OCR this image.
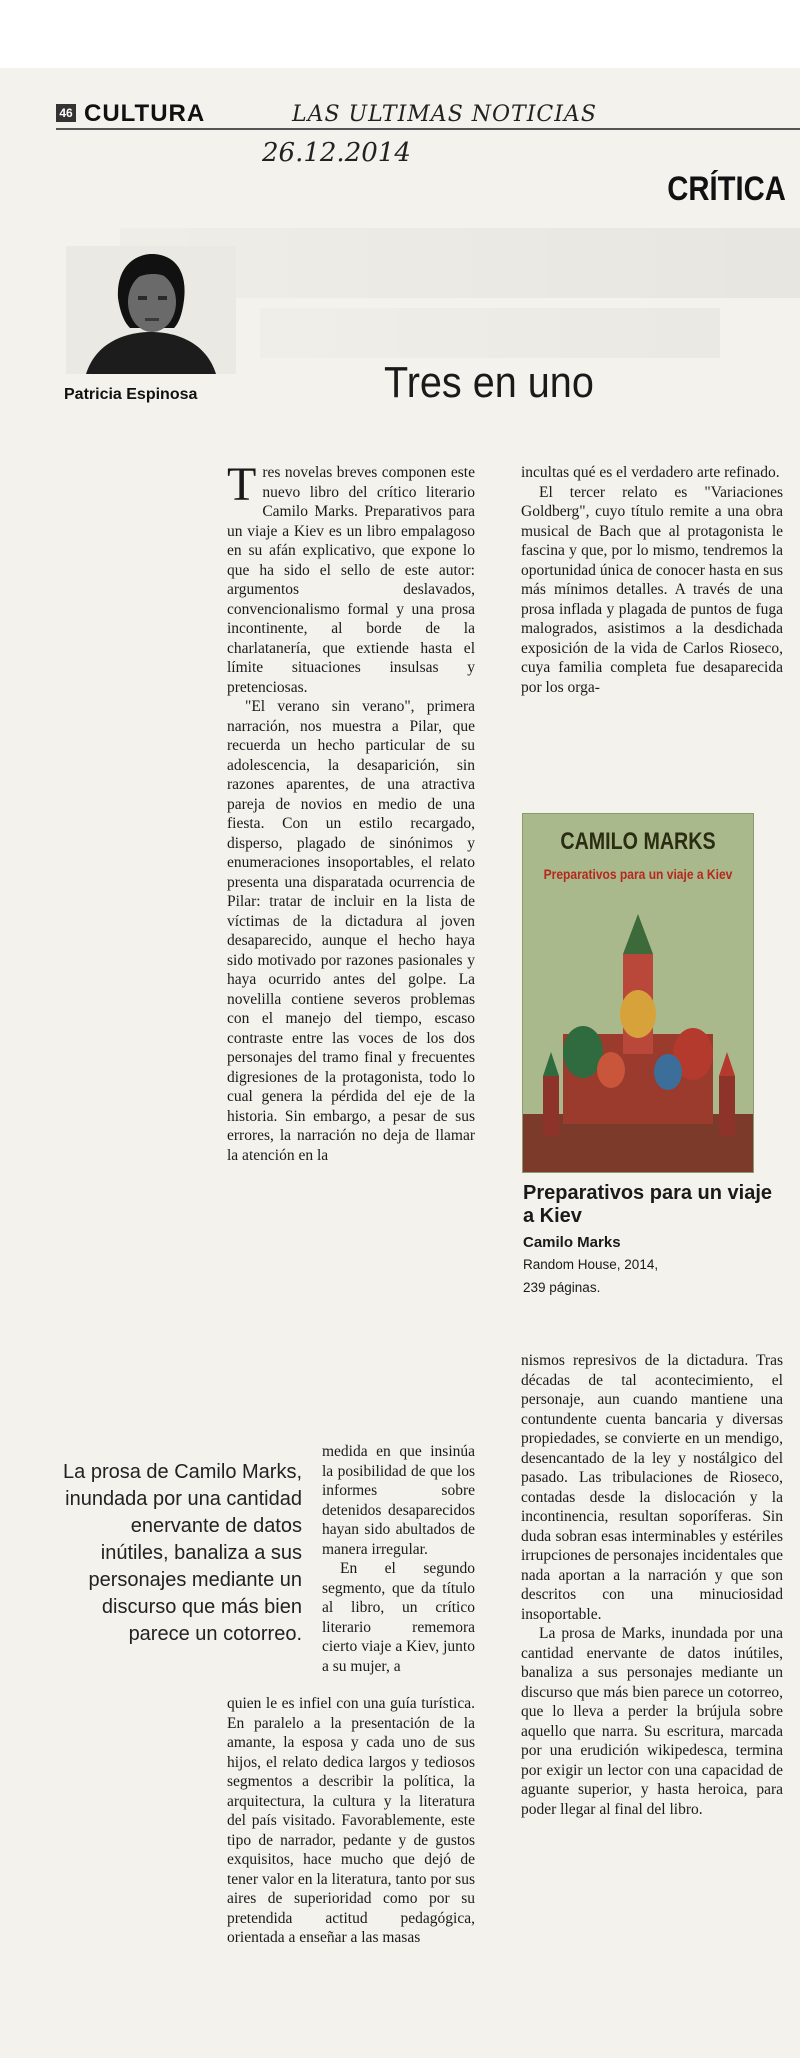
46 CULTURA	LAS ULTIMAS NOTICIAS
26.12.2014
CRÍTICA
Patricia Espinosa	Tres en uno

Tres novelas breves componen este nuevo libro del crítico literario Camilo Marks. Preparativos para un viaje a Kiev es un libro empalagoso en su afán explicativo, que expone lo que ha sido el sello de este autor: argumentos deslavados, convencionalismo formal y una prosa incontinente, al borde de la charlatanería, que extiende hasta el límite situaciones insulsas y pretenciosas.

"El verano sin verano", primera narración, nos muestra a Pilar, que recuerda un hecho particular de su adolescencia, la desaparición, sin razones aparentes, de una atractiva pareja de novios en medio de una fiesta. Con un estilo recargado, disperso, plagado de sinónimos y enumeraciones insoportables, el relato presenta una disparatada ocurrencia de Pilar: tratar de incluir en la lista de víctimas de la dictadura al joven desaparecido, aunque el hecho haya sido motivado por razones pasionales y haya ocurrido antes del golpe. La novelilla contiene severos problemas con el manejo del tiempo, escaso contraste entre las voces de los dos personajes del tramo final y frecuentes digresiones de la protagonista, todo lo cual genera la pérdida del eje de la historia. Sin embargo, a pesar de sus errores, la narración no deja de llamar la atención en la

medida en que insinúa la posibilidad de que los informes sobre detenidos desaparecidos hayan sido abultados de manera irregular.

En el segundo segmento, que da título al libro, un crítico literario rememora cierto viaje a Kiev, junto a su mujer, a

quien le es infiel con una guía turística. En paralelo a la presentación de la amante, la esposa y cada uno de sus hijos, el relato dedica largos y tediosos segmentos a describir la política, la arquitectura, la cultura y la literatura del país visitado. Favorablemente, este tipo de narrador, pedante y de gustos exquisitos, hace mucho que dejó de tener valor en la literatura, tanto por sus aires de superioridad como por su pretendida actitud pedagógica, orientada a enseñar a las masas

La prosa de Camilo Marks, inundada por una cantidad enervante de datos inútiles, banaliza a sus personajes mediante un discurso que más bien parece un cotorreo.

incultas qué es el verdadero arte refinado.

El tercer relato es "Variaciones Goldberg", cuyo título remite a una obra musical de Bach que al protagonista le fascina y que, por lo mismo, tendremos la oportunidad única de conocer hasta en sus más mínimos detalles. A través de una prosa inflada y plagada de puntos de fuga malogrados, asistimos a la desdichada exposición de la vida de Carlos Rioseco, cuya familia completa fue desaparecida por los orga-

CAMILO MARKS
Preparativos para un viaje a Kiev
Preparativos para un viaje a Kiev
Camilo Marks
Random House, 2014,
239 páginas.

nismos represivos de la dictadura. Tras décadas de tal acontecimiento, el personaje, aun cuando mantiene una contundente cuenta bancaria y diversas propiedades, se convierte en un mendigo, desencantado de la ley y nostálgico del pasado. Las tribulaciones de Rioseco, contadas desde la dislocación y la incontinencia, resultan soporíferas. Sin duda sobran esas interminables y estériles irrupciones de personajes incidentales que nada aportan a la narración y que son descritos con una minuciosidad insoportable.

La prosa de Marks, inundada por una cantidad enervante de datos inútiles, banaliza a sus personajes mediante un discurso que más bien parece un cotorreo, que lo lleva a perder la brújula sobre aquello que narra. Su escritura, marcada por una erudición wikipedesca, termina por exigir un lector con una capacidad de aguante superior, y hasta heroica, para poder llegar al final del libro.
